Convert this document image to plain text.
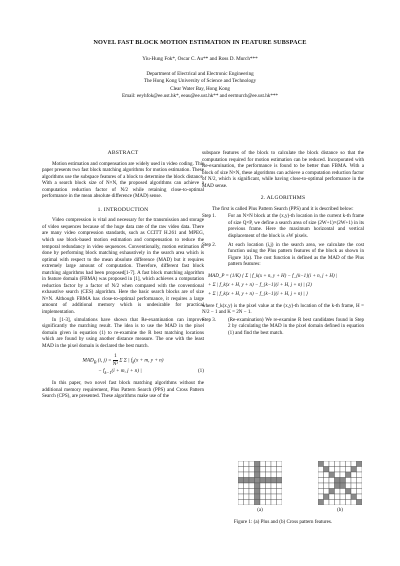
NOVEL FAST BLOCK MOTION ESTIMATION IN FEATURE SUBSPACE
Yiu-Hung Fok*, Oscar C. Au** and Ross D. Murch***
Department of Electrical and Electronic Engineering
The Hong Kong University of Science and Technology
Clear Water Bay, Hong Kong
Email: eeyhfok@ee.ust.hk*, eeau@ee.ust.hk** and eermurch@ee.ust.hk***
ABSTRACT

Motion estimation and compensation are widely used in video coding. This paper presents two fast block matching algorithms for motion estimation. These algorithms use the subspace features of a block to determine the block distance. With a search block size of N×N, the proposed algorithms can achieve a computation reduction factor of N/2 while retaining close-to-optimal performance in the mean absolute difference (MAD) sense.

1. INTRODUCTION

Video compression is vital and necessary for the transmission and storage of video sequences because of the huge data rate of the raw video data. There are many video compression standards, such as CCITT H.261 and MPEG, which use block-based motion estimation and compensation to reduce the temporal redundancy in video sequences. Conventionally, motion estimation is done by performing block matching exhaustively in the search area which is optimal with respect to the mean absolute difference (MAD) but it requires extremely large amount of computation. Therefore, different fast block matching algorithms had been proposed[1-7]. A fast block matching algorithm in feature domain (FBMA) was proposed in [1], which achieves a computation reduction factor by a factor of N/2 when compared with the conventional exhaustive search (CES) algorithm. Here the basic search blocks are of size N×N. Although FBMA has close-to-optimal performance, it requires a large amount of additional memory which is undesirable for practical implementation.

In [1-3], simulations have shown that Re-examination can improve significantly the matching result. The idea is to use the MAD in the pixel domain given in equation (1) to re-examine the R best matching locations which are found by using another distance measure. The one with the least MAD in the pixel domain is declared the best match.

$MAD_B$ (i, $j) = \frac{1}{\text{N²}}$ Σ Σ | $f_k(x + m$, y + n)
− $f_{k-1}(i + m$, j + n) |	(1)

In this paper, two novel fast block matching algorithms without the additional memory requirement, Plus Pattern Search (PPS) and Cross Pattern Search (CPS), are presented. These algorithms make use of the

subspace features of the block to calculate the block distance so that the computation required for motion estimation can be reduced. Incorporated with Re-examination, the performance is found to be better than FBMA. With a block of size N×N, these algorithms can achieve a computation reduction factor of N/2, which is significant, while having close-to-optimal performance in the MAD sense.

2. ALGORITHMS

The first is called Plus Pattern Search (PPS) and it is described below:

Step 1. For an N×N block at the (x,y)-th location in the current k-th frame of size Q×P, we define a search area of size (2W+1)×(2W+1) in its previous frame. Here the maximum horizontal and vertical displacement of the block is ±W pixels.
Step 2. At each location (i,j) in the search area, we calculate the cost function using the Plus pattern features of the block as shown in Figure 1(a). The cost function is defined as the MAD of the Plus pattern features:
MAD_P = (1/K) { Σ | f_k(x + n, y + H) − f_{k−1}(i + n, j + H) |
+ Σ | f_k(x + H, y + n) − f_{k−1}(i + H, j + n) | (2)
+ Σ | f_k(x + H, y + n) − f_{k−1}(i + H, j + n) | }

where f_k(x,y) is the pixel value at the (x,y)-th location of the k-th frame, H = N/2 − 1 and K = 2N − 1.

Step 3. (Re-examination) We re-examine R best candidates found in Step 2 by calculating the MAD in the pixel domain defined in equation (1) and find the best match.
(a)	(b)
Figure 1: (a) Plus and (b) Cross pattern features.
